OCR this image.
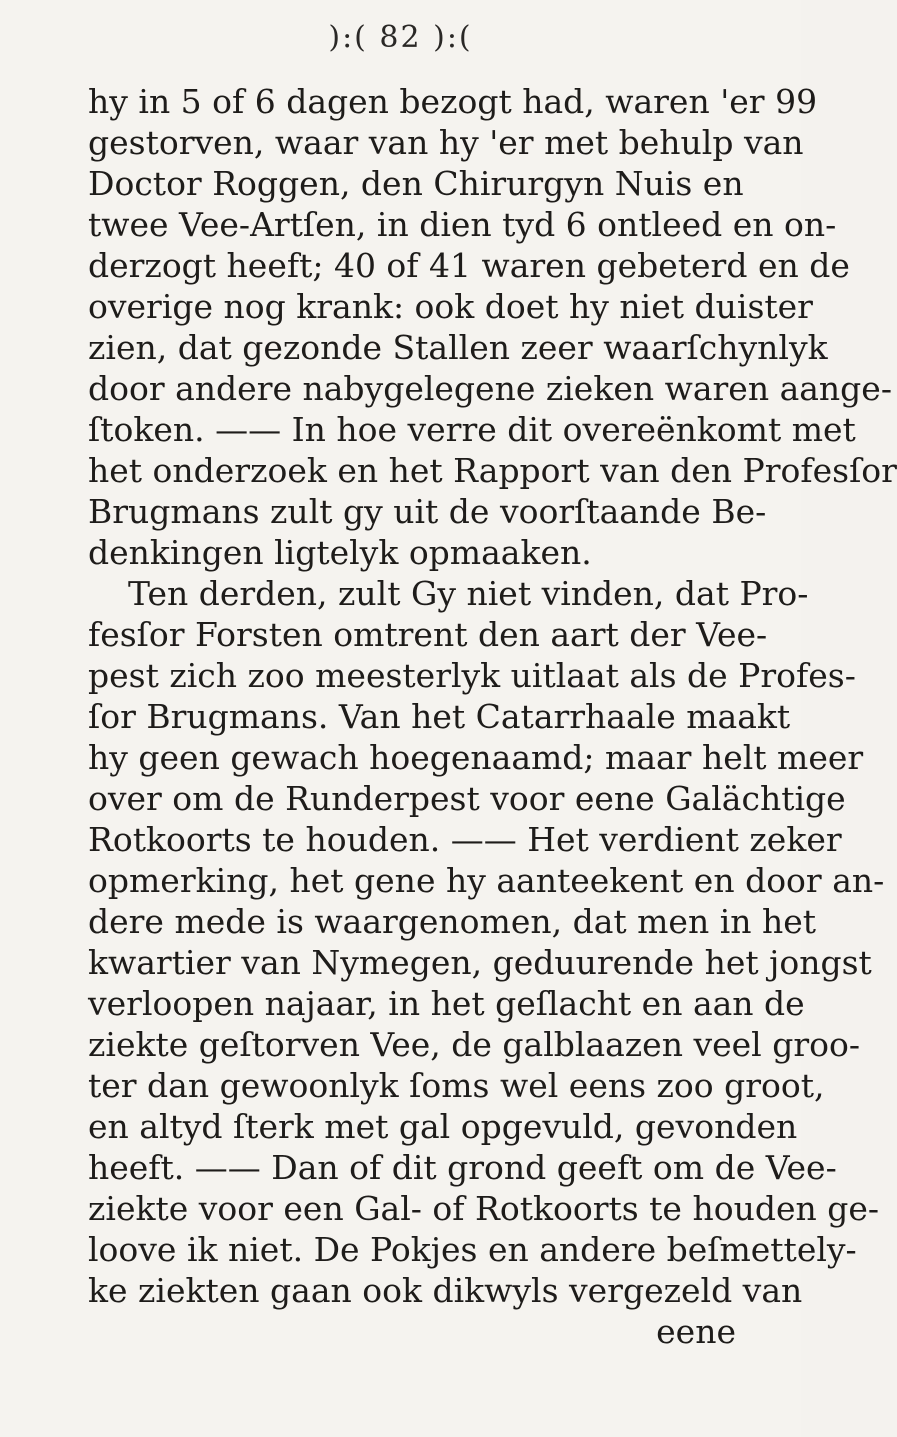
):( 82 ):(
hy in 5 of 6 dagen bezogt had, waren 'er 99
gestorven, waar van hy 'er met behulp van
Doctor Roggen, den Chirurgyn Nuis en
twee Vee-Artſen, in dien tyd 6 ontleed en on-
derzogt heeft; 40 of 41 waren gebeterd en de
overige nog krank: ook doet hy niet duister
zien, dat gezonde Stallen zeer waarſchynlyk
door andere nabygelegene zieken waren aange-
ſtoken. —— In hoe verre dit overeënkomt met
het onderzoek en het Rapport van den Profesſor
Brugmans zult gy uit de voorſtaande Be-
denkingen ligtelyk opmaaken.
Ten derden, zult Gy niet vinden, dat Pro-
fesſor Forsten omtrent den aart der Vee-
pest zich zoo meesterlyk uitlaat als de Profes-
ſor Brugmans. Van het Catarrhaale maakt
hy geen gewach hoegenaamd; maar helt meer
over om de Runderpest voor eene Galächtige
Rotkoorts te houden. —— Het verdient zeker
opmerking, het gene hy aanteekent en door an-
dere mede is waargenomen, dat men in het
kwartier van Nymegen, geduurende het jongst
verloopen najaar, in het geſlacht en aan de
ziekte geſtorven Vee, de galblaazen veel groo-
ter dan gewoonlyk ſoms wel eens zoo groot,
en altyd ſterk met gal opgevuld, gevonden
heeft. —— Dan of dit grond geeft om de Vee-
ziekte voor een Gal- of Rotkoorts te houden ge-
loove ik niet. De Pokjes en andere beſmettely-
ke ziekten gaan ook dikwyls vergezeld van
eene
